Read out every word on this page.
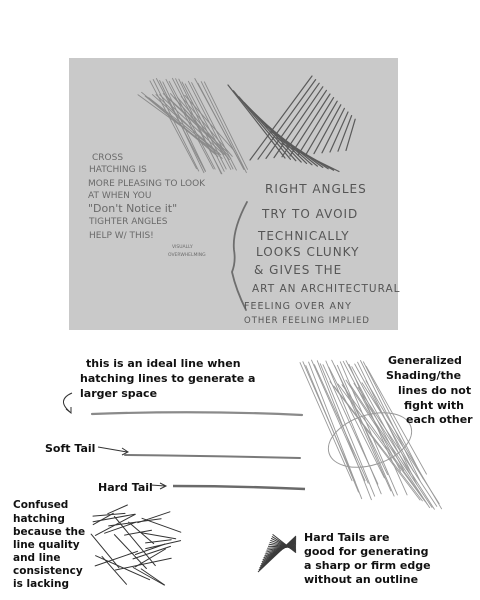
CROSS HATCHING IS MORE PLEASING TO LOOK AT WHEN YOU "Don't Notice it" TIGHTER ANGLES HELP W/ THIS!
VISUALLY OVERWHELMING
RIGHT ANGLES TRY TO AVOID TECHNICALLY LOOKS CLUNKY & GIVES THE ART AN ARCHITECTURAL FEELING OVER ANY OTHER FEELING IMPLIED
this is an ideal line when hatching lines to generate a larger space
Soft Tail
Hard Tail
Generalized Shading/the lines do not fight with each other
Confused hatching because the line quality and line consistency is lacking
Hard Tails are good for generating a sharp or firm edge without an outline
